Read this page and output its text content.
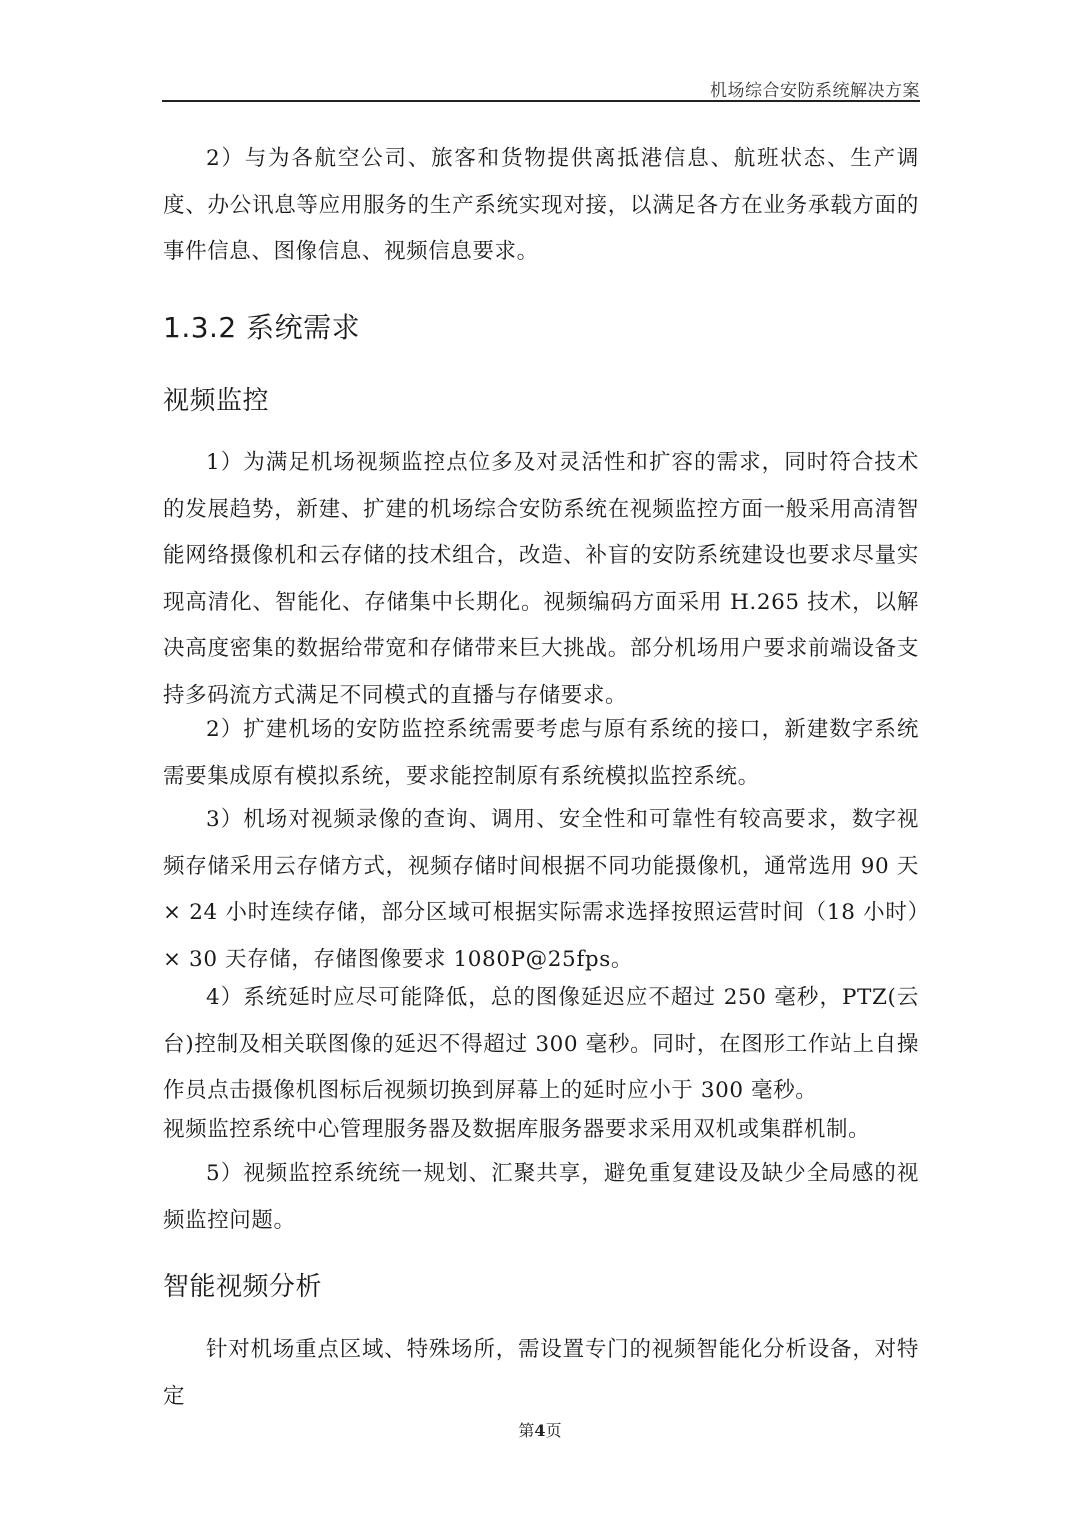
机场综合安防系统解决方案

2）与为各航空公司、旅客和货物提供离抵港信息、航班状态、生产调度、办公讯息等应用服务的生产系统实现对接，以满足各方在业务承载方面的事件信息、图像信息、视频信息要求。

1.3.2 系统需求
视频监控

1）为满足机场视频监控点位多及对灵活性和扩容的需求，同时符合技术的发展趋势，新建、扩建的机场综合安防系统在视频监控方面一般采用高清智能网络摄像机和云存储的技术组合，改造、补盲的安防系统建设也要求尽量实现高清化、智能化、存储集中长期化。视频编码方面采用 H.265 技术，以解决高度密集的数据给带宽和存储带来巨大挑战。部分机场用户要求前端设备支持多码流方式满足不同模式的直播与存储要求。

2）扩建机场的安防监控系统需要考虑与原有系统的接口，新建数字系统需要集成原有模拟系统，要求能控制原有系统模拟监控系统。

3）机场对视频录像的查询、调用、安全性和可靠性有较高要求，数字视频存储采用云存储方式，视频存储时间根据不同功能摄像机，通常选用 90 天 × 24 小时连续存储，部分区域可根据实际需求选择按照运营时间（18 小时）× 30 天存储，存储图像要求 1080P@25fps。

4）系统延时应尽可能降低，总的图像延迟应不超过 250 毫秒，PTZ(云台)控制及相关联图像的延迟不得超过 300 毫秒。同时，在图形工作站上自操作员点击摄像机图标后视频切换到屏幕上的延时应小于 300 毫秒。

视频监控系统中心管理服务器及数据库服务器要求采用双机或集群机制。

5）视频监控系统统一规划、汇聚共享，避免重复建设及缺少全局感的视频监控问题。

智能视频分析

针对机场重点区域、特殊场所，需设置专门的视频智能化分析设备，对特定

第4页
